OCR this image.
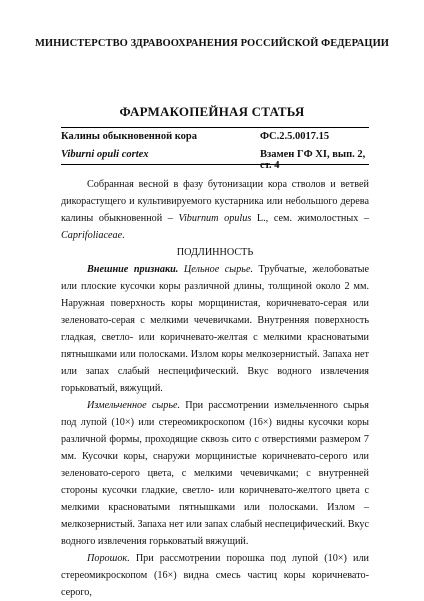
МИНИСТЕРСТВО ЗДРАВООХРАНЕНИЯ РОССИЙСКОЙ ФЕДЕРАЦИИ
ФАРМАКОПЕЙНАЯ СТАТЬЯ
Калины обыкновенной кора	ФС.2.5.0017.15
Viburni opuli cortex	Взамен ГФ XI, вып. 2, ст. 4

Собранная весной в фазу бутонизации кора стволов и ветвей дикорастущего и культивируемого кустарника или небольшого дерева калины обыкновенной – Viburnum opulus L., сем. жимолостных – Caprifoliaceae.

ПОДЛИННОСТЬ

Внешние признаки. Цельное сырье. Трубчатые, желобоватые или плоские кусочки коры различной длины, толщиной около 2 мм. Наружная поверхность коры морщинистая, коричневато-серая или зеленовато-серая с мелкими чечевичками. Внутренняя поверхность гладкая, светло- или коричневато-желтая с мелкими красноватыми пятнышками или полосками. Излом коры мелкозернистый. Запаха нет или запах слабый неспецифический. Вкус водного извлечения горьковатый, вяжущий.

Измельченное сырье. При рассмотрении измельченного сырья под лупой (10×) или стереомикроскопом (16×) видны кусочки коры различной формы, проходящие сквозь сито с отверстиями размером 7 мм. Кусочки коры, снаружи морщинистые коричневато-серого или зеленовато-серого цвета, с мелкими чечевичками; с внутренней стороны кусочки гладкие, светло- или коричневато-желтого цвета с мелкими красноватыми пятнышками или полосками. Излом – мелкозернистый. Запаха нет или запах слабый неспецифический. Вкус водного извлечения горьковатый вяжущий.

Порошок. При рассмотрении порошка под лупой (10×) или стереомикроскопом (16×) видна смесь частиц коры коричневато-серого,
